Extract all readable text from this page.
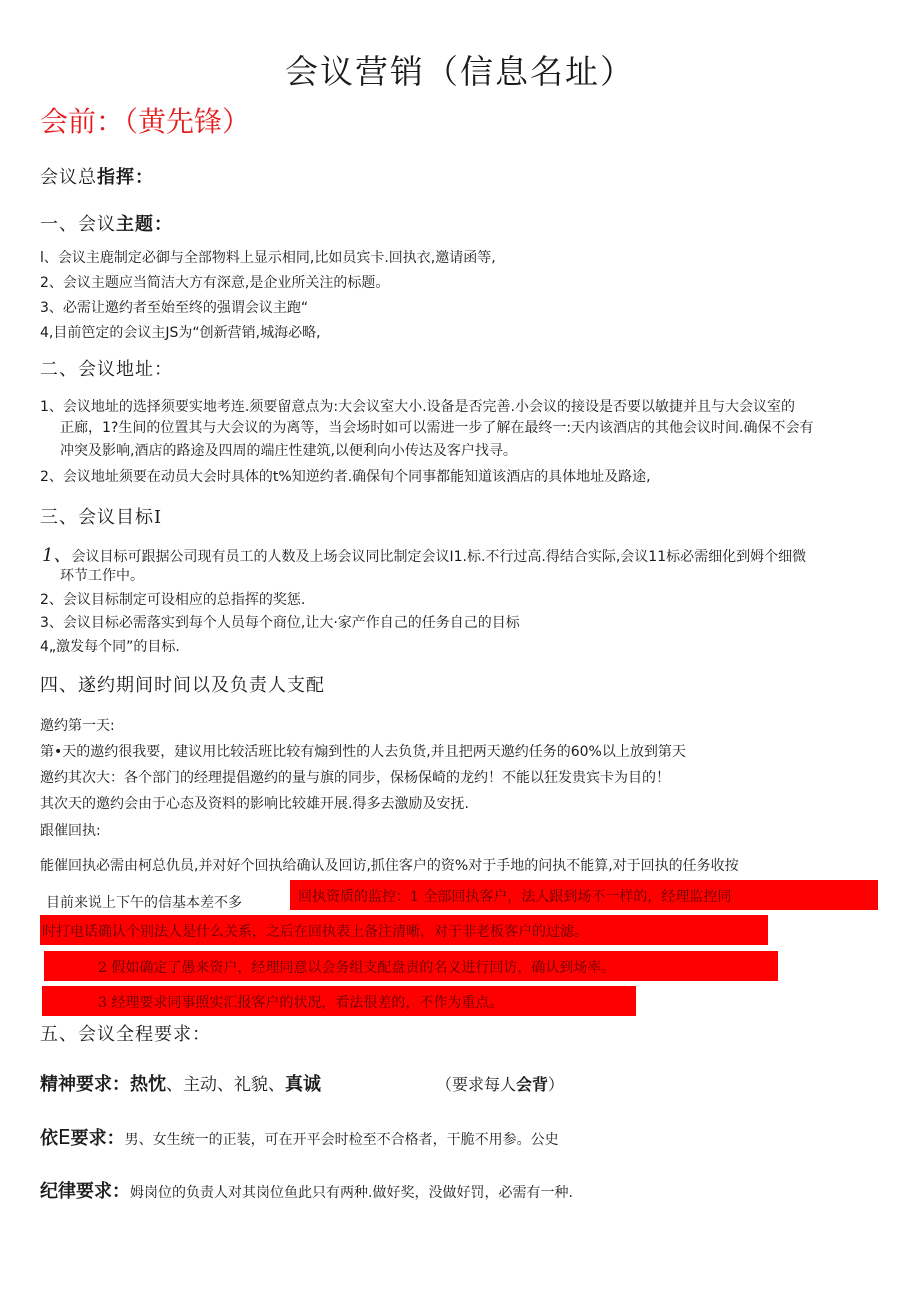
会议营销（信息名址）
会前：（黄先锋）
会议总指挥：
一、会议主题：
l、会议主鹿制定必御与全部物料上显示相同,比如员宾卡.回执衣,邀请函等,
2、会议主题应当简洁大方有深意,是企业所关注的标题。
3、必需让邀约者至始至终的强谓会议主跑“
4,目前笆定的会议主JS为“创新营销,城海必略,
二、会议地址：
1、会议地址的选择须要实地考连.须要留意点为:大会议室大小.设备是否完善.小会议的接设是否要以敏捷并且与大会议室的
正廊，1?生间的位置其与大会议的为离等，当会场时如可以需进一步了解在最终一:天内该酒店的其他会议时间.确保不会有
冲突及影响,酒店的路途及四周的端庄性建筑,以便利向小传达及客户找寻。
2、会议地址须要在动员大会时具体的t%知逆约者.确保旬个同事都能知道该酒店的具体地址及路途,
三、会议目标I
1、会议目标可跟据公司现有员工的人数及上场会议同比制定会议I1.标.不行过高.得结合实际,会议11标必需细化到姆个细微
环节工作中。
2、会议目标制定可设相应的总指挥的奖惩.
3、会议目标必需落实到每个人员每个商位,让大·家产作自己的任务自己的目标
4„激发每个同”的目标.
四、遂约期间时间以及负责人支配
邀约第一天:
第•天的遨约很我要，建议用比较活班比较有煽到性的人去负货,并且把两天邀约任务的60%以上放到第天
邀约其次大：各个部门的经理提倡邀约的量与旗的同步，保杨保崎的龙约！不能以狂发贵宾卡为目的！
其次天的邀约会由于心态及资料的影响比较雄开展.得多去激励及安抚.
跟催回执:
能催回执必需由柯总仇员,并对好个回执给确认及回访,抓住客户的资%对于手地的问执不能算,对于回执的任务收按
目前来说上下午的信基本差不多	回执资质的监控：1 全部回执客户，法人跟到场不一样的，经理监控同
时打电话确认个别法人是什么关系，之后在回执表上备注清晰，对于非老板客户的过滤。
2 假如确定了愚来资户，经理同意以会务组支配盘责的名义进行回访，确认到场率。
3 经理要求同事照实汇报客户的状况，看法很差的，不作为重点。
五、会议全程要求：
精神要求：热忱、主动、礼貌、真诚	（要求每人会背）
依E要求：男、女生统一的正装，可在开平会时检至不合格者，干脆不用参。公史
纪律要求：姆岗位的负责人对其岗位鱼此只有两种.做好奖，没做好罚，必需有一种.
